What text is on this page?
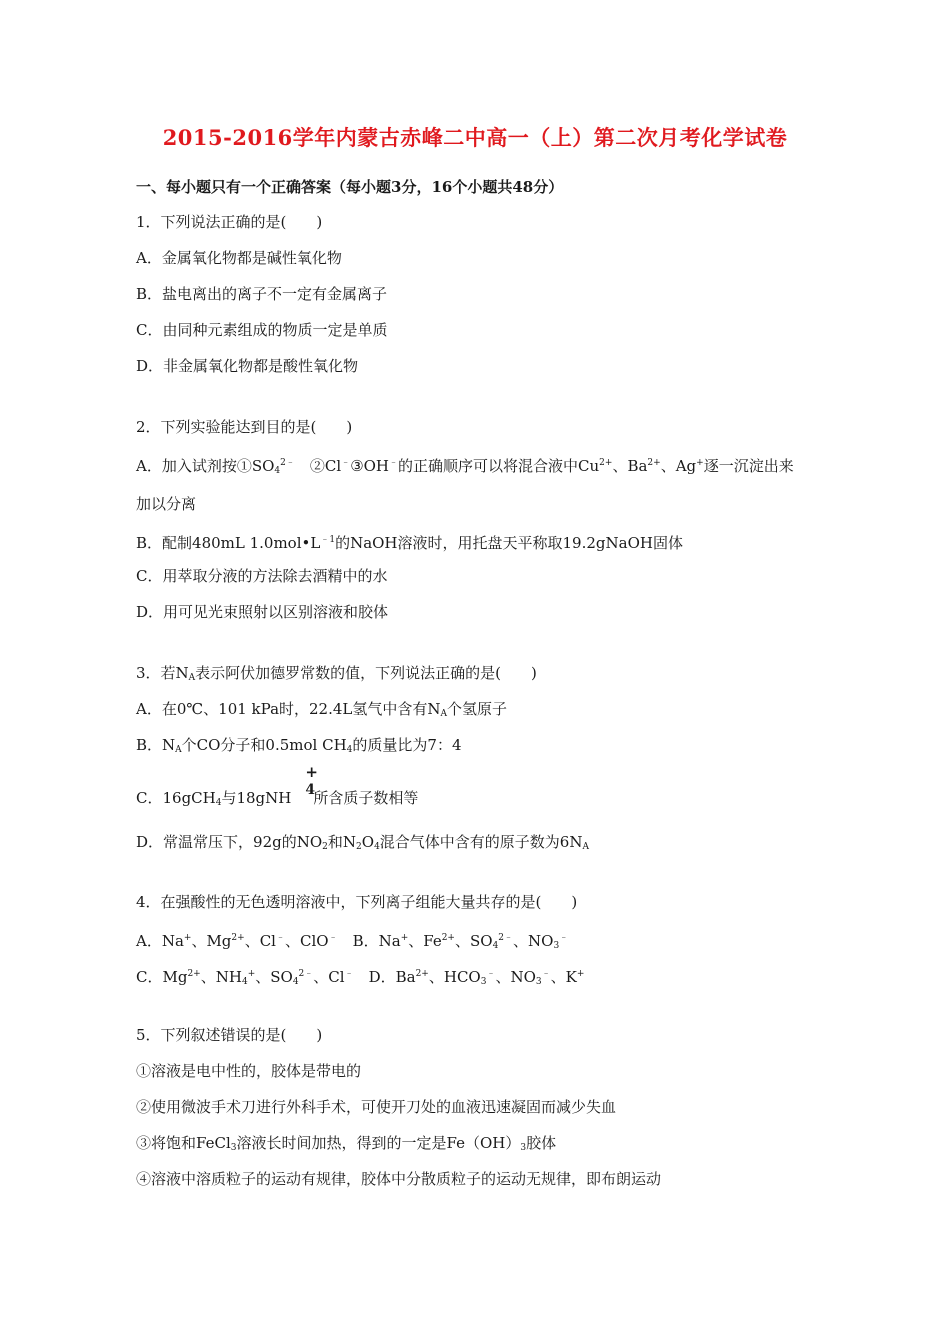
2015-2016学年内蒙古赤峰二中高一（上）第二次月考化学试卷
一、每小题只有一个正确答案（每小题3分，16个小题共48分）
1．下列说法正确的是(　　)
A．金属氧化物都是碱性氧化物
B．盐电离出的离子不一定有金属离子
C．由同种元素组成的物质一定是单质
D．非金属氧化物都是酸性氧化物
2．下列实验能达到目的是(　　)
A．加入试剂按$①SO_4^{2﹣}$　②Cl﹣③OH﹣的正确顺序可以将混合液中$Cu^{2+}$、$Ba^{2+}$、Ag+逐一沉淀出来
加以分离
B．配制480mL $1.0mol•L^{﹣1}$的NaOH溶液时，用托盘天平称取19.2gNaOH固体
C．用萃取分液的方法除去酒精中的水
D．用可见光束照射以区别溶液和胶体
3．若$N_A$表示阿伏加德罗常数的值，下列说法正确的是(　　)
A．在0℃、101 kPa时，22.4L氢气中含有$N_A$个氢原子
B．$N_A$个CO分子和0.5mol $CH_4$的质量比为7：4
C．16gCH$_4$与18gNH
+
4
所含质子数相等
D．常温常压下，92g的$NO_2$和$N_2O_4$混合气体中含有的原子数为$6N_A$
4．在强酸性的无色透明溶液中，下列离子组能大量共存的是(　　)
A．Na+、$Mg^{2+}$、Cl﹣、ClO﹣　B．Na+、$Fe^{2+}$、$SO_4^{2﹣}$、$NO_3^﹣$
C．$Mg^{2+}$、$NH_4^+$、$SO_4^{2﹣}$、Cl﹣　D．$Ba^{2+}$、$HCO_3^﹣$、$NO_3^﹣$、K+
5．下列叙述错误的是(　　)
①溶液是电中性的，胶体是带电的
②使用微波手术刀进行外科手术，可使开刀处的血液迅速凝固而减少失血
③将饱和FeCl$_3$溶液长时间加热，得到的一定是$Fe(OH)_3$胶体
④溶液中溶质粒子的运动有规律，胶体中分散质粒子的运动无规律，即布朗运动
